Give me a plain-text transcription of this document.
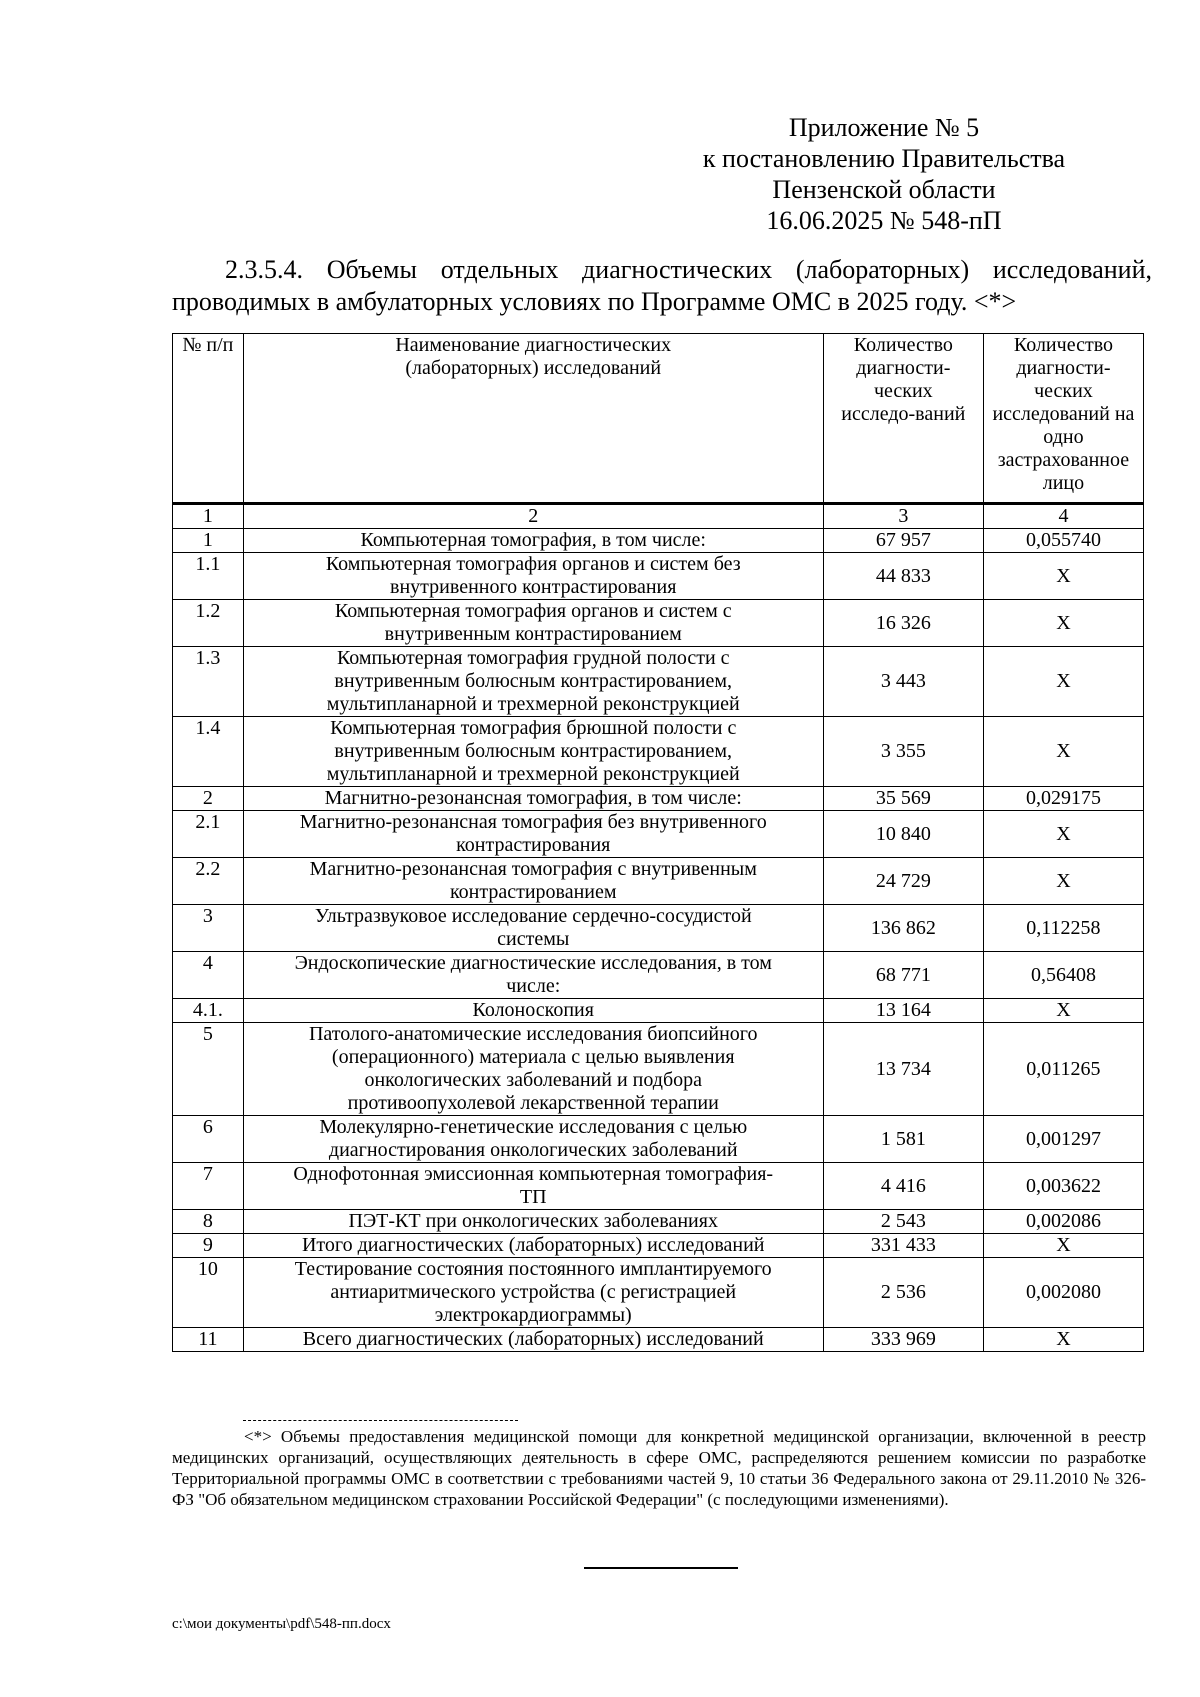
Приложение № 5
к постановлению Правительства
Пензенской области
16.06.2025 № 548-пП
2.3.5.4. Объемы отдельных диагностических (лабораторных) исследований,
проводимых в амбулаторных условиях по Программе ОМС в 2025 году. <*>
№ п/п	Наименование диагностических (лабораторных) исследований	Количество диагности-ческих исследо-ваний	Количество диагности-ческих исследований на одно застрахованное лицо
1	2	3	4
1	Компьютерная томография, в том числе:	67 957	0,055740
1.1	Компьютерная томография органов и систем без внутривенного контрастирования	44 833	Х
1.2	Компьютерная томография органов и систем с внутривенным контрастированием	16 326	Х
1.3	Компьютерная томография грудной полости с внутривенным болюсным контрастированием, мультипланарной и трехмерной реконструкцией	3 443	Х
1.4	Компьютерная томография брюшной полости с внутривенным болюсным контрастированием, мультипланарной и трехмерной реконструкцией	3 355	Х
2	Магнитно-резонансная томография, в том числе:	35 569	0,029175
2.1	Магнитно-резонансная томография без внутривенного контрастирования	10 840	Х
2.2	Магнитно-резонансная томография с внутривенным контрастированием	24 729	Х
3	Ультразвуковое исследование сердечно-сосудистой системы	136 862	0,112258
4	Эндоскопические диагностические исследования, в том числе:	68 771	0,56408
4.1.	Колоноскопия	13 164	Х
5	Патолого-анатомические исследования биопсийного (операционного) материала с целью выявления онкологических заболеваний и подбора противоопухолевой лекарственной терапии	13 734	0,011265
6	Молекулярно-генетические исследования с целью диагностирования онкологических заболеваний	1 581	0,001297
7	Однофотонная эмиссионная компьютерная томография-ТП	4 416	0,003622
8	ПЭТ-КТ при онкологических заболеваниях	2 543	0,002086
9	Итого диагностических (лабораторных) исследований	331 433	Х
10	Тестирование состояния постоянного имплантируемого антиаритмического устройства (с регистрацией электрокардиограммы)	2 536	0,002080
11	Всего диагностических (лабораторных) исследований	333 969	Х
<*> Объемы предоставления медицинской помощи для конкретной медицинской организации, включенной в реестр медицинских организаций, осуществляющих деятельность в сфере ОМС, распределяются решением комиссии по разработке Территориальной программы ОМС в соответствии с требованиями частей 9, 10 статьи 36 Федерального закона от 29.11.2010 № 326-ФЗ "Об обязательном медицинском страховании Российской Федерации" (с последующими изменениями).
c:\мои документы\pdf\548-пп.docx
